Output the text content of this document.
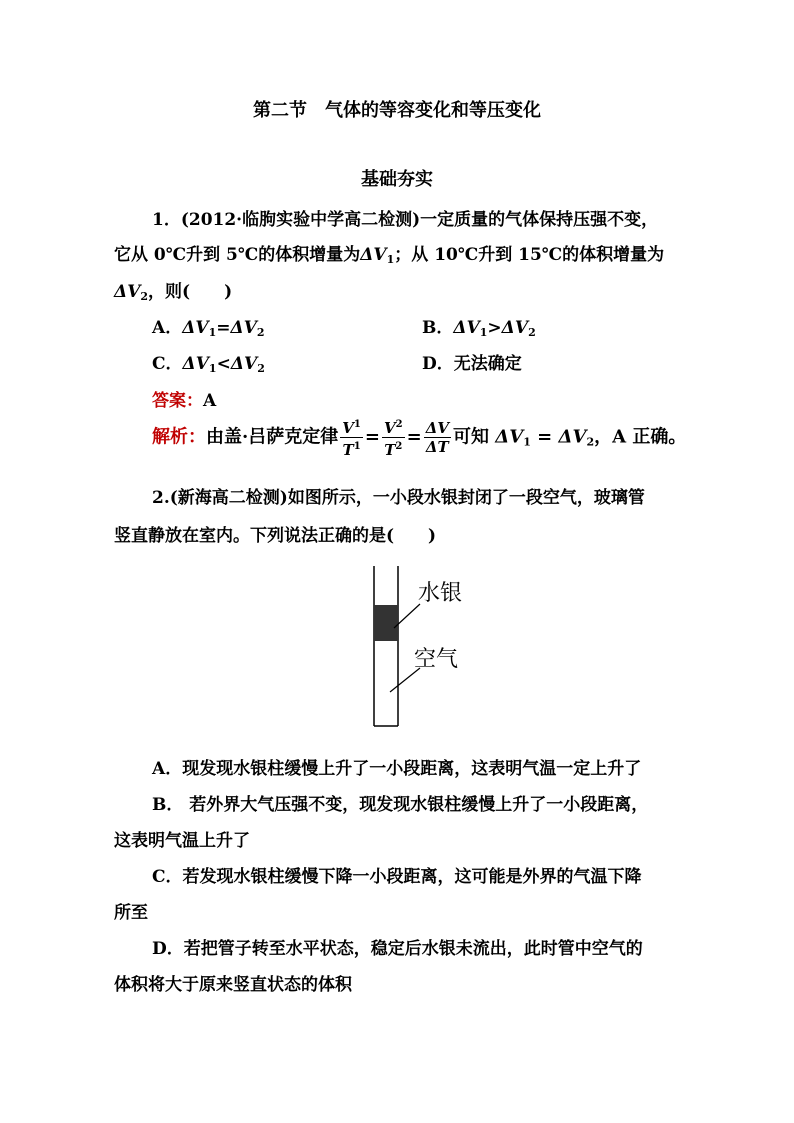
第二节　气体的等容变化和等压变化
基础夯实
1．(2012·临朐实验中学高二检测)一定质量的气体保持压强不变，
它从 0℃升到 5℃的体积增量为$\Delta V_1$；从 10℃升到 15℃的体积增量为
$\Delta V_2$，则(　　)
A．$\Delta V_1=\Delta V_2$	B．$\Delta V_1>\Delta V_2$
C．$\Delta V_1<\Delta V_2$	D．无法确定
答案：A
解析：由盖·吕萨克定律 $\frac{V^1}{T^1} = \frac{V^2}{T^2} = \frac{\Delta V}{\Delta T}$ 可知 $\Delta V_1 = \Delta V_2$，A 正确。
2.(新海高二检测)如图所示，一小段水银封闭了一段空气，玻璃管
竖直静放在室内。下列说法正确的是(　　)
水银
空气
A．现发现水银柱缓慢上升了一小段距离，这表明气温一定上升了
B． 若外界大气压强不变，现发现水银柱缓慢上升了一小段距离，
这表明气温上升了
C．若发现水银柱缓慢下降一小段距离，这可能是外界的气温下降
所至
D．若把管子转至水平状态，稳定后水银未流出，此时管中空气的
体积将大于原来竖直状态的体积
